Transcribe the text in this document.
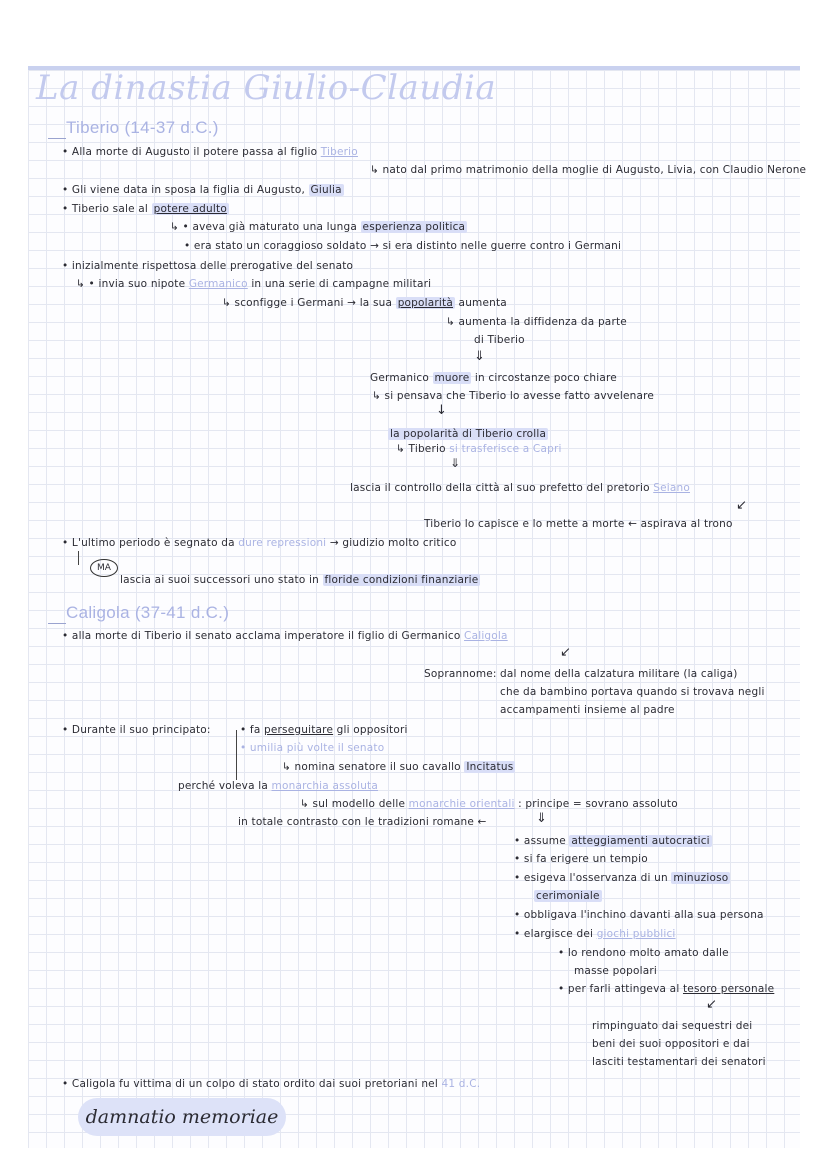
La dinastia Giulio-Claudia
Tiberio (14-37 d.C.)
• Alla morte di Augusto il potere passa al figlio Tiberio
↳ nato dal primo matrimonio della moglie di Augusto, Livia, con Claudio Nerone
• Gli viene data in sposa la figlia di Augusto, Giulia
• Tiberio sale al potere adulto
↳ • aveva già maturato una lunga esperienza politica
• era stato un coraggioso soldato → si era distinto nelle guerre contro i Germani
• inizialmente rispettosa delle prerogative del senato
↳ • invia suo nipote Germanico in una serie di campagne militari
↳ sconfigge i Germani → la sua popolarità aumenta
↳ aumenta la diffidenza da parte
di Tiberio
⇓
Germanico muore in circostanze poco chiare
↳ si pensava che Tiberio lo avesse fatto avvelenare
↓
la popolarità di Tiberio crolla
↳ Tiberio si trasferisce a Capri
⇓
lascia il controllo della città al suo prefetto del pretorio Seiano
↙
Tiberio lo capisce e lo mette a morte ← aspirava al trono
• L'ultimo periodo è segnato da dure repressioni → giudizio molto critico
MA
lascia ai suoi successori uno stato in floride condizioni finanziarie
Caligola (37-41 d.C.)
• alla morte di Tiberio il senato acclama imperatore il figlio di Germanico Caligola
↙
Soprannome: dal nome della calzatura militare (la caliga)
che da bambino portava quando si trovava negli
accampamenti insieme al padre
• Durante il suo principato:	• fa perseguitare gli oppositori
• umilia più volte il senato
↳ nomina senatore il suo cavallo Incitatus
perché voleva la monarchia assoluta
↳ sul modello delle monarchie orientali : principe = sovrano assoluto
in totale contrasto con le tradizioni romane ←	⇓
• assume atteggiamenti autocratici
• si fa erigere un tempio
• esigeva l'osservanza di un minuzioso
cerimoniale
• obbligava l'inchino davanti alla sua persona
• elargisce dei giochi pubblici
• lo rendono molto amato dalle
masse popolari
• per farli attingeva al tesoro personale
↙
rimpinguato dai sequestri dei
beni dei suoi oppositori e dai
lasciti testamentari dei senatori
• Caligola fu vittima di un colpo di stato ordito dai suoi pretoriani nel 41 d.C.
damnatio memoriae
